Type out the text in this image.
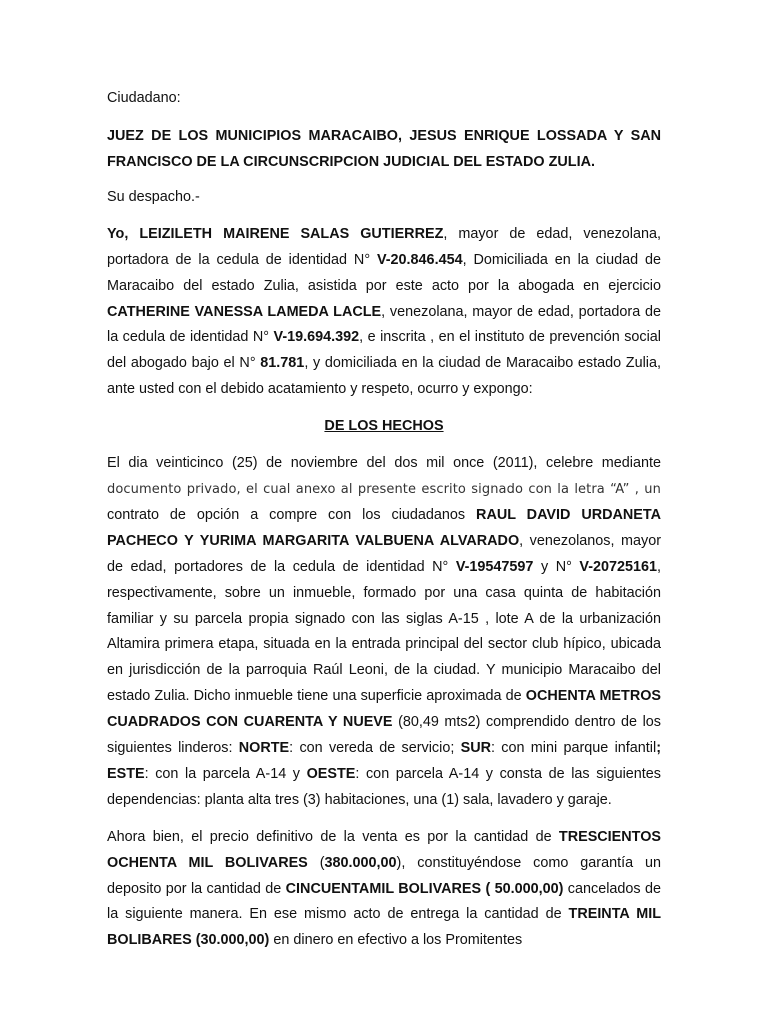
Ciudadano:

JUEZ DE LOS MUNICIPIOS MARACAIBO, JESUS ENRIQUE LOSSADA Y SAN FRANCISCO DE LA CIRCUNSCRIPCION JUDICIAL DEL ESTADO ZULIA.

Su despacho.-

Yo, LEIZILETH MAIRENE SALAS GUTIERREZ, mayor de edad, venezolana, portadora de la cedula de identidad N° V-20.846.454, Domiciliada en la ciudad de Maracaibo del estado Zulia, asistida por este acto por la abogada en ejercicio CATHERINE VANESSA LAMEDA LACLE, venezolana, mayor de edad, portadora de la cedula de identidad N° V-19.694.392, e inscrita , en el instituto de prevención social del abogado bajo el N° 81.781, y domiciliada en la ciudad de Maracaibo estado Zulia, ante usted con el debido acatamiento y respeto, ocurro y expongo:

DE LOS HECHOS

El dia veinticinco (25) de noviembre del dos mil once (2011), celebre mediante documento privado, el cual anexo al presente escrito signado con la letra “A” , un contrato de opción a compre con los ciudadanos RAUL DAVID URDANETA PACHECO Y YURIMA MARGARITA VALBUENA ALVARADO, venezolanos, mayor de edad, portadores de la cedula de identidad N° V-19547597 y N° V-20725161, respectivamente, sobre un inmueble, formado por una casa quinta de habitación familiar y su parcela propia signado con las siglas A-15 , lote A de la urbanización Altamira primera etapa, situada en la entrada principal del sector club hípico, ubicada en jurisdicción de la parroquia Raúl Leoni, de la ciudad. Y municipio Maracaibo del estado Zulia. Dicho inmueble tiene una superficie aproximada de OCHENTA METROS CUADRADOS CON CUARENTA Y NUEVE (80,49 mts2) comprendido dentro de los siguientes linderos: NORTE: con vereda de servicio; SUR: con mini parque infantil; ESTE: con la parcela A-14 y OESTE: con parcela A-14 y consta de las siguientes dependencias: planta alta tres (3) habitaciones, una (1) sala, lavadero y garaje.

Ahora bien, el precio definitivo de la venta es por la cantidad de TRESCIENTOS OCHENTA MIL BOLIVARES (380.000,00), constituyéndose como garantía un deposito por la cantidad de CINCUENTAMIL BOLIVARES ( 50.000,00) cancelados de la siguiente manera. En ese mismo acto de entrega la cantidad de TREINTA MIL BOLIBARES (30.000,00) en dinero en efectivo a los Promitentes
